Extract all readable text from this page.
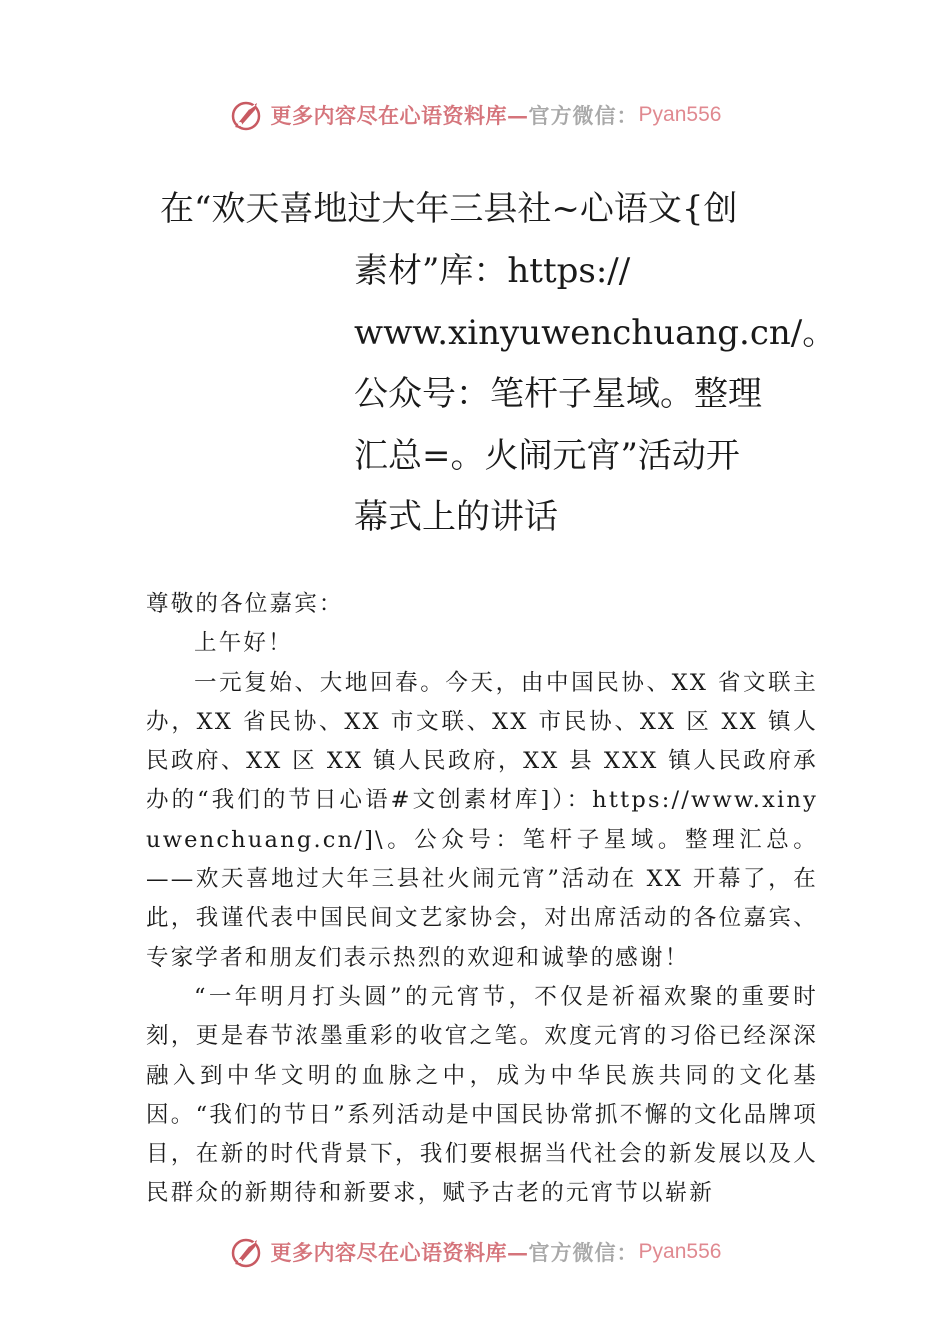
更多内容尽在心语资料库— 官方微信： Pyan556
在“欢天喜地过大年三县社~心语文{创
素材”库：https://
www.xinyuwenchuang.cn/。
公众号：笔杆子星域。整理
汇总=。火闹元宵”活动开
幕式上的讲话

尊敬的各位嘉宾：

上午好！

一元复始、大地回春。今天，由中国民协、XX 省文联主办，XX 省民协、XX 市文联、XX 市民协、XX 区 XX 镇人民政府、XX 区 XX 镇人民政府，XX 县 XXX 镇人民政府承办的“我们的节日心语#文创素材库]）：https://www.xinyuwenchuang.cn/]\。公众号：笔杆子星域。整理汇总。——欢天喜地过大年三县社火闹元宵”活动在 XX 开幕了，在此，我谨代表中国民间文艺家协会，对出席活动的各位嘉宾、专家学者和朋友们表示热烈的欢迎和诚挚的感谢！

“一年明月打头圆”的元宵节，不仅是祈福欢聚的重要时刻，更是春节浓墨重彩的收官之笔。欢度元宵的习俗已经深深融入到中华文明的血脉之中，成为中华民族共同的文化基因。“我们的节日”系列活动是中国民协常抓不懈的文化品牌项目，在新的时代背景下，我们要根据当代社会的新发展以及人民群众的新期待和新要求，赋予古老的元宵节以崭新

更多内容尽在心语资料库— 官方微信： Pyan556
